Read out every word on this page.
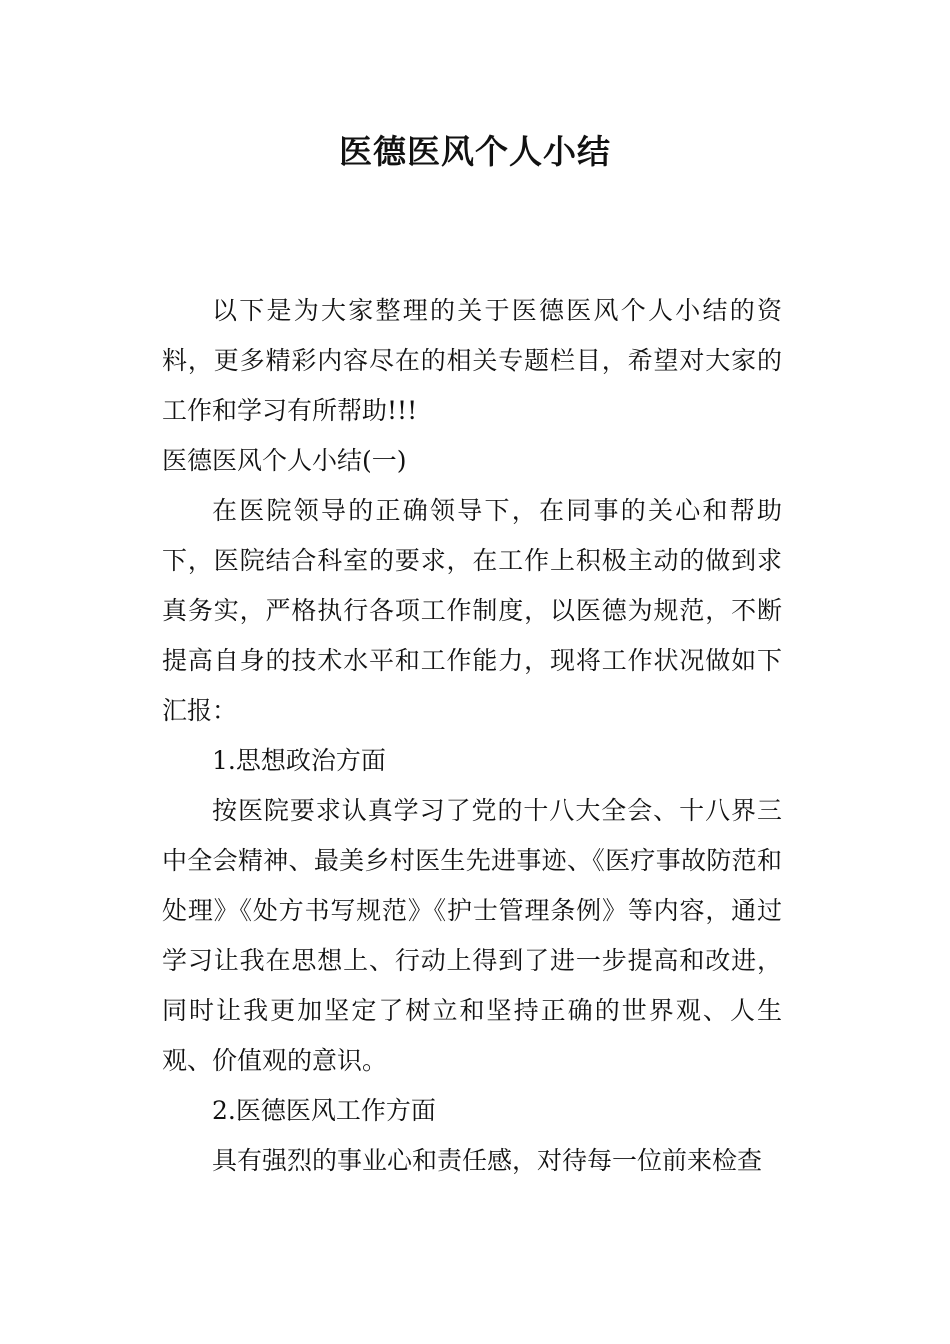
医德医风个人小结

以下是为大家整理的关于医德医风个人小结的资料，更多精彩内容尽在的相关专题栏目，希望对大家的工作和学习有所帮助!!!

医德医风个人小结(一)

在医院领导的正确领导下，在同事的关心和帮助下，医院结合科室的要求，在工作上积极主动的做到求真务实，严格执行各项工作制度，以医德为规范，不断提高自身的技术水平和工作能力，现将工作状况做如下汇报：

1.思想政治方面

按医院要求认真学习了党的十八大全会、十八界三中全会精神、最美乡村医生先进事迹、《医疗事故防范和处理》《处方书写规范》《护士管理条例》等内容，通过学习让我在思想上、行动上得到了进一步提高和改进，同时让我更加坚定了树立和坚持正确的世界观、人生观、价值观的意识。

2.医德医风工作方面

具有强烈的事业心和责任感，对待每一位前来检查
